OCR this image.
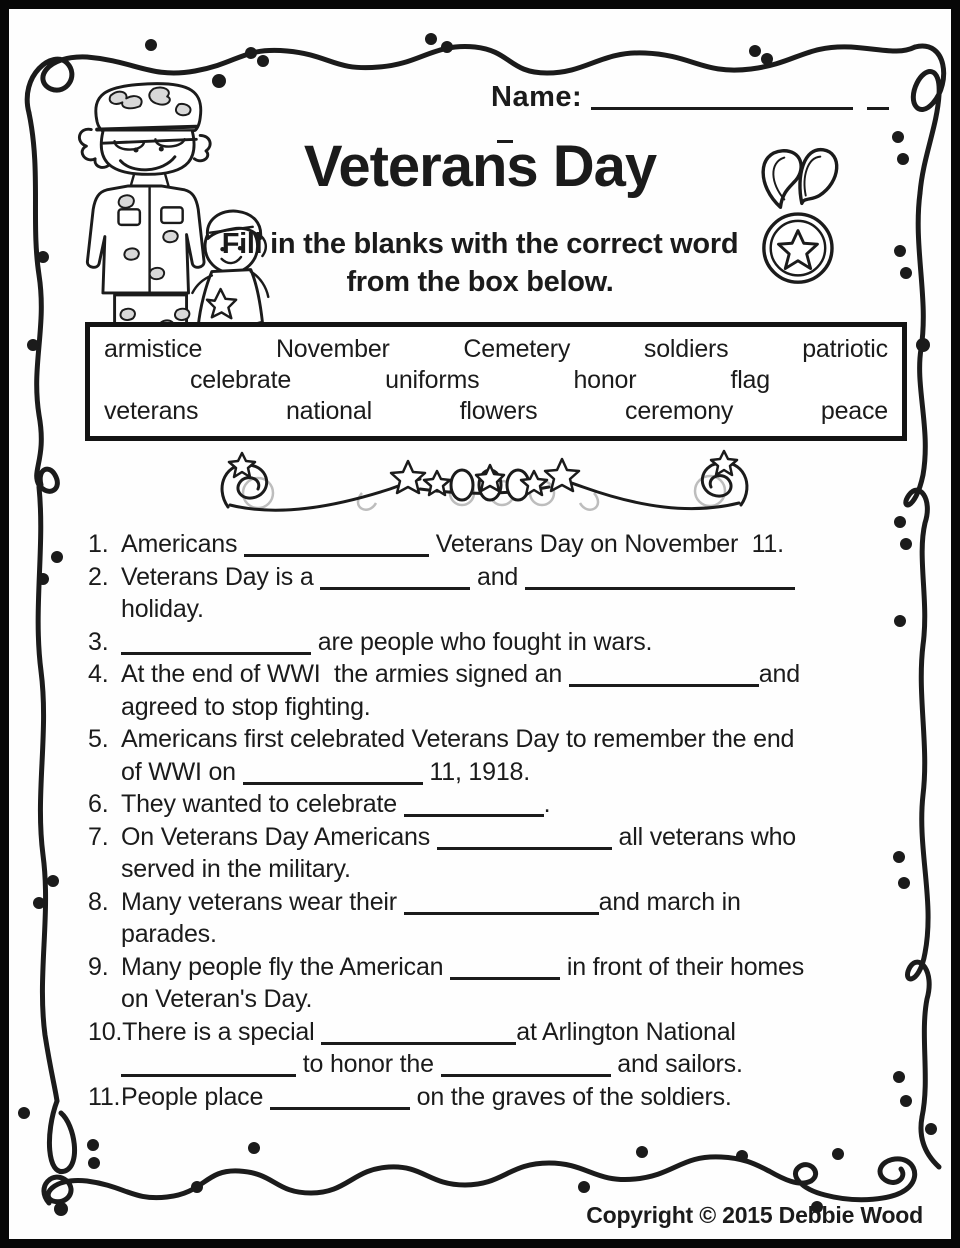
Name:
Veterans Day
Fill in the blanks with the correct word
from the box below.
armistice	November	Cemetery	soldiers	patriotic
celebrate	uniforms	honor	flag
veterans	national	flowers	ceremony	peace
1. Americans	Veterans Day on November  11.
2. Veterans Day is a	and
holiday.
3.	are people who fought in wars.
4. At the end of WWI  the armies signed an	and
agreed to stop fighting.
5. Americans first celebrated Veterans Day to remember the end
of WWI on	11, 1918.
6. They wanted to celebrate	.
7. On Veterans Day Americans	all veterans who
served in the military.
8. Many veterans wear their	and march in
parades.
9. Many people fly the American	in front of their homes
on Veteran's Day.
10.There is a special	at Arlington National
to honor the	and sailors.
11.People place	on the graves of the soldiers.
Copyright © 2015 Debbie Wood
